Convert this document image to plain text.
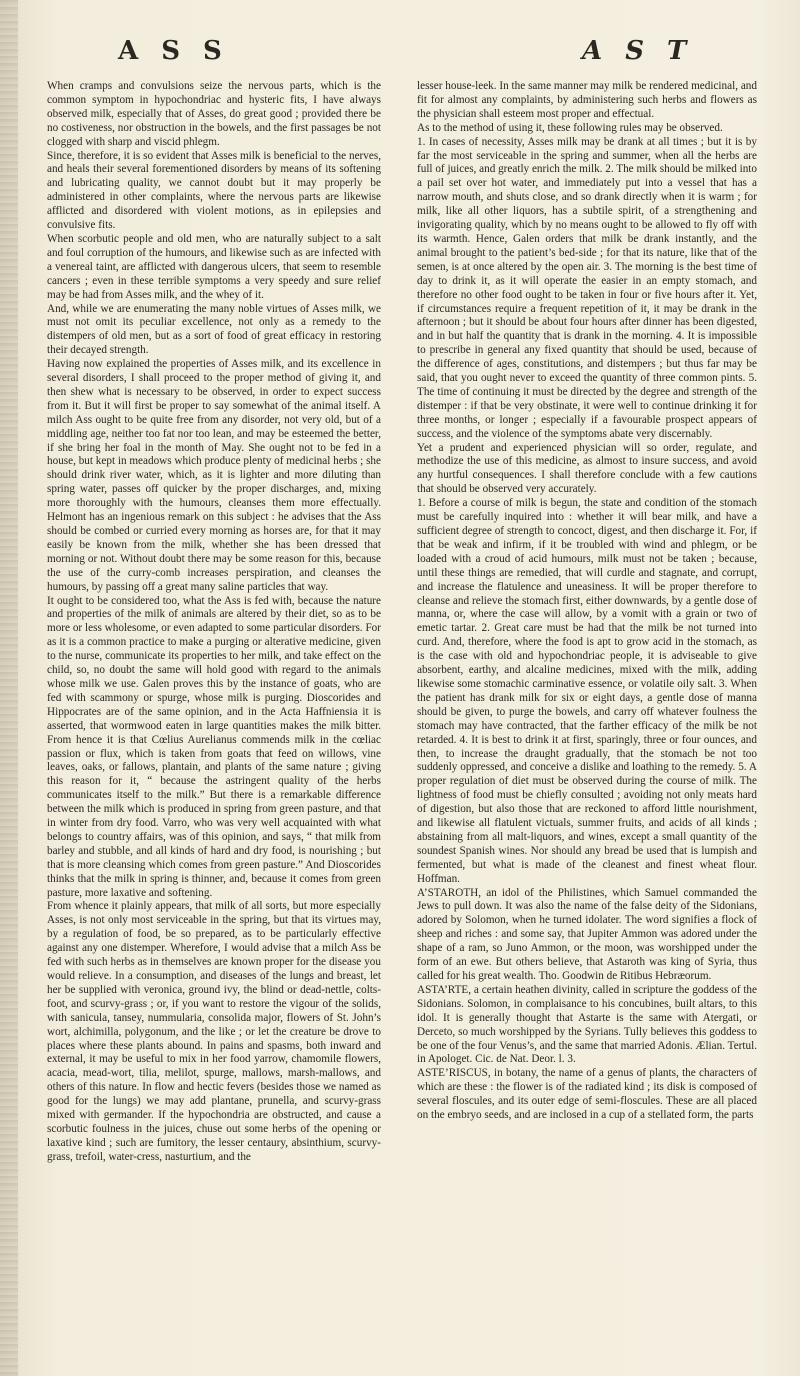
A S S	A S T

When cramps and convulsions seize the nervous parts, which is the common symptom in hypochondriac and hysteric fits, I have always observed milk, especially that of Asses, do great good ; provided there be no costiveness, nor obstruction in the bowels, and the first passages be not clogged with sharp and viscid phlegm.

Since, therefore, it is so evident that Asses milk is beneficial to the nerves, and heals their several forementioned disorders by means of its softening and lubricating quality, we cannot doubt but it may properly be administered in other complaints, where the nervous parts are likewise afflicted and disordered with violent motions, as in epilepsies and convulsive fits.

When scorbutic people and old men, who are naturally subject to a salt and foul corruption of the humours, and likewise such as are infected with a venereal taint, are afflicted with dangerous ulcers, that seem to resemble cancers ; even in these terrible symptoms a very speedy and sure relief may be had from Asses milk, and the whey of it.

And, while we are enumerating the many noble virtues of Asses milk, we must not omit its peculiar excellence, not only as a remedy to the distempers of old men, but as a sort of food of great efficacy in restoring their decayed strength.

Having now explained the properties of Asses milk, and its excellence in several disorders, I shall proceed to the proper method of giving it, and then shew what is necessary to be observed, in order to expect success from it. But it will first be proper to say somewhat of the animal itself. A milch Ass ought to be quite free from any disorder, not very old, but of a middling age, neither too fat nor too lean, and may be esteemed the better, if she bring her foal in the month of May. She ought not to be fed in a house, but kept in meadows which produce plenty of medicinal herbs ; she should drink river water, which, as it is lighter and more diluting than spring water, passes off quicker by the proper discharges, and, mixing more thoroughly with the humours, cleanses them more effectually. Helmont has an ingenious remark on this subject : he advises that the Ass should be combed or curried every morning as horses are, for that it may easily be known from the milk, whether she has been dressed that morning or not. Without doubt there may be some reason for this, because the use of the curry-comb increases perspiration, and cleanses the humours, by passing off a great many saline particles that way.

It ought to be considered too, what the Ass is fed with, because the nature and properties of the milk of animals are altered by their diet, so as to be more or less wholesome, or even adapted to some particular disorders. For as it is a common practice to make a purging or alterative medicine, given to the nurse, communicate its properties to her milk, and take effect on the child, so, no doubt the same will hold good with regard to the animals whose milk we use. Galen proves this by the instance of goats, who are fed with scammony or spurge, whose milk is purging. Dioscorides and Hippocrates are of the same opinion, and in the Acta Haffniensia it is asserted, that wormwood eaten in large quantities makes the milk bitter. From hence it is that Cœlius Aurelianus commends milk in the cœliac passion or flux, which is taken from goats that feed on willows, vine leaves, oaks, or fallows, plantain, and plants of the same nature ; giving this reason for it, “ because the astringent quality of the herbs communicates itself to the milk.” But there is a remarkable difference between the milk which is produced in spring from green pasture, and that in winter from dry food. Varro, who was very well acquainted with what belongs to country affairs, was of this opinion, and says, “ that milk from barley and stubble, and all kinds of hard and dry food, is nourishing ; but that is more cleansing which comes from green pasture.” And Dioscorides thinks that the milk in spring is thinner, and, because it comes from green pasture, more laxative and softening.

From whence it plainly appears, that milk of all sorts, but more especially Asses, is not only most serviceable in the spring, but that its virtues may, by a regulation of food, be so prepared, as to be particularly effective against any one distemper. Wherefore, I would advise that a milch Ass be fed with such herbs as in themselves are known proper for the disease you would relieve. In a consumption, and diseases of the lungs and breast, let her be supplied with veronica, ground ivy, the blind or dead-nettle, colts-foot, and scurvy-grass ; or, if you want to restore the vigour of the solids, with sanicula, tansey, nummularia, consolida major, flowers of St. John’s wort, alchimilla, polygonum, and the like ; or let the creature be drove to places where these plants abound. In pains and spasms, both inward and external, it may be useful to mix in her food yarrow, chamomile flowers, acacia, mead-wort, tilia, melilot, spurge, mallows, marsh-mallows, and others of this nature. In flow and hectic fevers (besides those we named as good for the lungs) we may add plantane, prunella, and scurvy-grass mixed with germander. If the hypochondria are obstructed, and cause a scorbutic foulness in the juices, chuse out some herbs of the opening or laxative kind ; such are fumitory, the lesser centaury, absinthium, scurvy-grass, trefoil, water-cress, nasturtium, and the

lesser house-leek. In the same manner may milk be rendered medicinal, and fit for almost any complaints, by administering such herbs and flowers as the physician shall esteem most proper and effectual.

As to the method of using it, these following rules may be observed.

1. In cases of necessity, Asses milk may be drank at all times ; but it is by far the most serviceable in the spring and summer, when all the herbs are full of juices, and greatly enrich the milk. 2. The milk should be milked into a pail set over hot water, and immediately put into a vessel that has a narrow mouth, and shuts close, and so drank directly when it is warm ; for milk, like all other liquors, has a subtile spirit, of a strengthening and invigorating quality, which by no means ought to be allowed to fly off with its warmth. Hence, Galen orders that milk be drank instantly, and the animal brought to the patient’s bed-side ; for that its nature, like that of the semen, is at once altered by the open air. 3. The morning is the best time of day to drink it, as it will operate the easier in an empty stomach, and therefore no other food ought to be taken in four or five hours after it. Yet, if circumstances require a frequent repetition of it, it may be drank in the afternoon ; but it should be about four hours after dinner has been digested, and in but half the quantity that is drank in the morning. 4. It is impossible to prescribe in general any fixed quantity that should be used, because of the difference of ages, constitutions, and distempers ; but thus far may be said, that you ought never to exceed the quantity of three common pints. 5. The time of continuing it must be directed by the degree and strength of the distemper : if that be very obstinate, it were well to continue drinking it for three months, or longer ; especially if a favourable prospect appears of success, and the violence of the symptoms abate very discernably.

Yet a prudent and experienced physician will so order, regulate, and methodize the use of this medicine, as almost to insure success, and avoid any hurtful consequences. I shall therefore conclude with a few cautions that should be observed very accurately.

1. Before a course of milk is begun, the state and condition of the stomach must be carefully inquired into : whether it will bear milk, and have a sufficient degree of strength to concoct, digest, and then discharge it. For, if that be weak and infirm, if it be troubled with wind and phlegm, or be loaded with a croud of acid humours, milk must not be taken ; because, until these things are remedied, that will curdle and stagnate, and corrupt, and increase the flatulence and uneasiness. It will be proper therefore to cleanse and relieve the stomach first, either downwards, by a gentle dose of manna, or, where the case will allow, by a vomit with a grain or two of emetic tartar. 2. Great care must be had that the milk be not turned into curd. And, therefore, where the food is apt to grow acid in the stomach, as is the case with old and hypochondriac people, it is adviseable to give absorbent, earthy, and alcaline medicines, mixed with the milk, adding likewise some stomachic carminative essence, or volatile oily salt. 3. When the patient has drank milk for six or eight days, a gentle dose of manna should be given, to purge the bowels, and carry off whatever foulness the stomach may have contracted, that the farther efficacy of the milk be not retarded. 4. It is best to drink it at first, sparingly, three or four ounces, and then, to increase the draught gradually, that the stomach be not too suddenly oppressed, and conceive a dislike and loathing to the remedy. 5. A proper regulation of diet must be observed during the course of milk. The lightness of food must be chiefly consulted ; avoiding not only meats hard of digestion, but also those that are reckoned to afford little nourishment, and likewise all flatulent victuals, summer fruits, and acids of all kinds ; abstaining from all malt-liquors, and wines, except a small quantity of the soundest Spanish wines. Nor should any bread be used that is lumpish and fermented, but what is made of the cleanest and finest wheat flour. Hoffman.

A’STAROTH, an idol of the Philistines, which Samuel commanded the Jews to pull down. It was also the name of the false deity of the Sidonians, adored by Solomon, when he turned idolater. The word signifies a flock of sheep and riches : and some say, that Jupiter Ammon was adored under the shape of a ram, so Juno Ammon, or the moon, was worshipped under the form of an ewe. But others believe, that Astaroth was king of Syria, thus called for his great wealth. Tho. Goodwin de Ritibus Hebræorum.

ASTA’RTE, a certain heathen divinity, called in scripture the goddess of the Sidonians. Solomon, in complaisance to his concubines, built altars, to this idol. It is generally thought that Astarte is the same with Atergati, or Derceto, so much worshipped by the Syrians. Tully believes this goddess to be one of the four Venus’s, and the same that married Adonis. Ælian. Tertul. in Apologet. Cic. de Nat. Deor. l. 3.

ASTE’RISCUS, in botany, the name of a genus of plants, the characters of which are these : the flower is of the radiated kind ; its disk is composed of several floscules, and its outer edge of semi-floscules. These are all placed on the embryo seeds, and are inclosed in a cup of a stellated form, the parts
